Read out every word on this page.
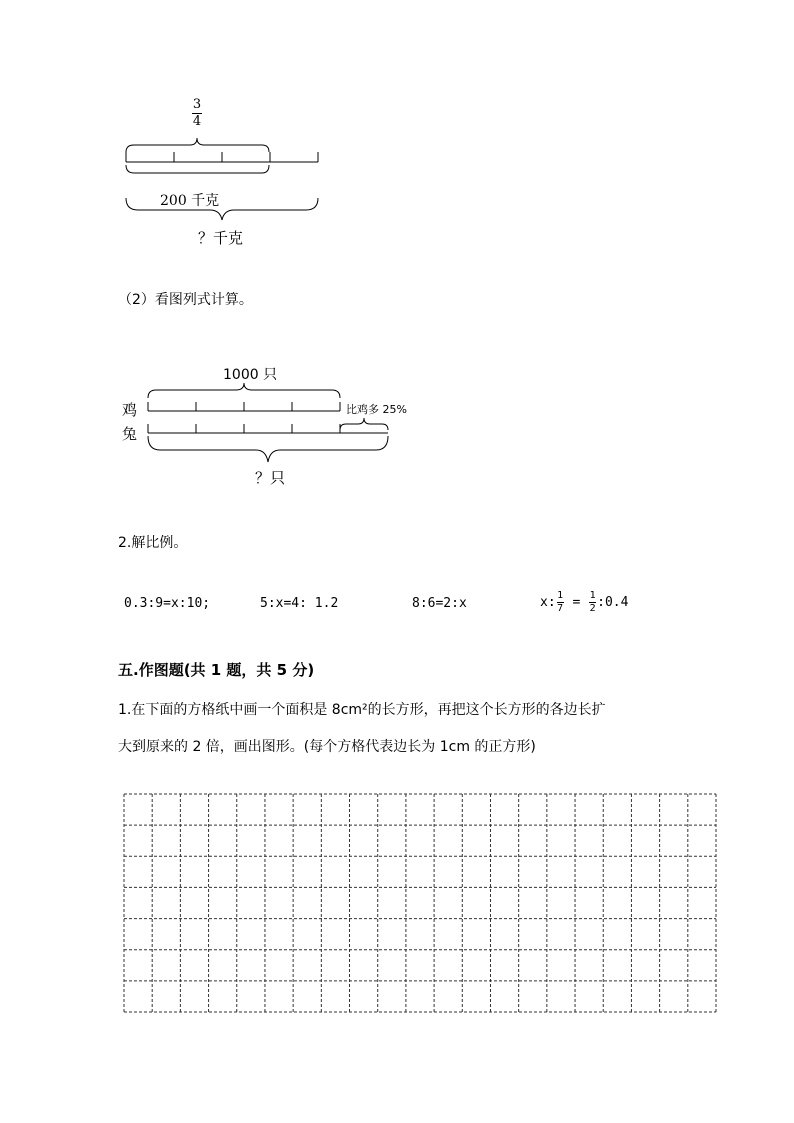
3
4
200 千克
？千克
（2）看图列式计算。
1000 只
鸡
兔
比鸡多 25%
？只
2.解比例。
0.3:9=x:10;	5:x=4: 1.2	8:6=2:x	x: $\frac{1}{7} = \frac{1}{2}$ :0.4
五.作图题(共 1 题，共 5 分)
1.在下面的方格纸中画一个面积是 8cm²的长方形，再把这个长方形的各边长扩
大到原来的 2 倍，画出图形。(每个方格代表边长为 1cm 的正方形)
